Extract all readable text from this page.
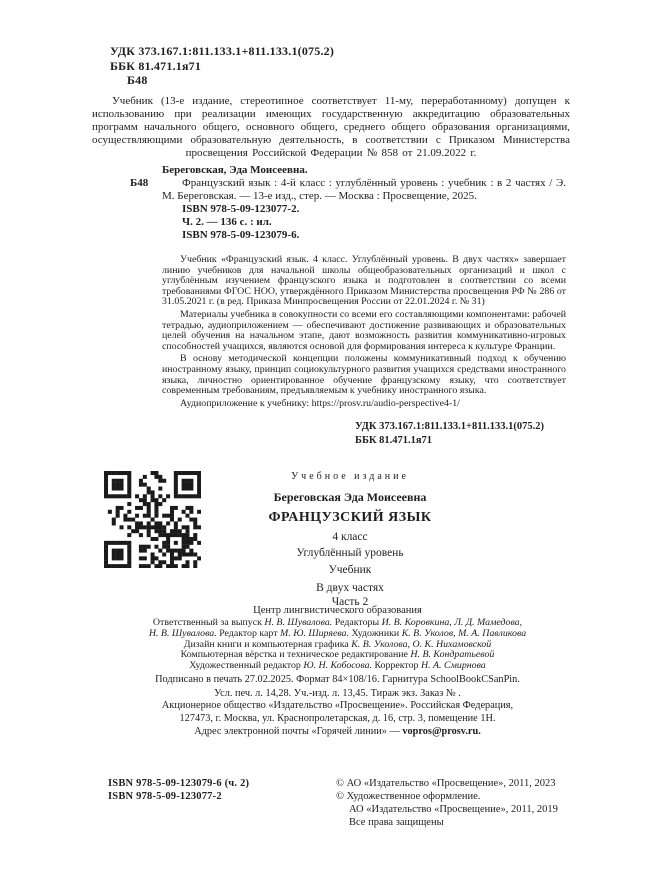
УДК 373.167.1:811.133.1+811.133.1(075.2)
ББК 81.471.1я71
Б48

Учебник (13-е издание, стереотипное соответствует 11-му, переработанному) допущен к использованию при реализации имеющих государственную аккредитацию образовательных программ начального общего, основного общего, среднего общего образования организациями, осуществляющими образовательную деятельность, в соответствии с Приказом Министерства просвещения Российской Федерации № 858 от 21.09.2022 г.

Б48
Береговская, Эда Моисеевна.
Французский язык : 4-й класс : углублённый уровень : учебник : в 2 частях / Э. М. Береговская. — 13-е изд., стер. — Москва : Просвещение, 2025.
ISBN 978-5-09-123077-2.
Ч. 2. — 136 с. : ил.
ISBN 978-5-09-123079-6.

Учебник «Французский язык. 4 класс. Углублённый уровень. В двух частях» завершает линию учебников для начальной школы общеобразовательных организаций и школ с углублённым изучением французского языка и подготовлен в соответствии со всеми требованиями ФГОС НОО, утверждённого Приказом Министерства просвещения РФ № 286 от 31.05.2021 г. (в ред. Приказа Минпросвещения России от 22.01.2024 г. № 31)

Материалы учебника в совокупности со всеми его составляющими компонентами: рабочей тетрадью, аудиоприложением — обеспечивают достижение развивающих и образовательных целей обучения на начальном этапе, дают возможность развития коммуникативно-игровых способностей учащихся, являются основой для формирования интереса к культуре Франции.

В основу методической концепции положены коммуникативный подход к обучению иностранному языку, принцип социокультурного развития учащихся средствами иностранного языка, личностно ориентированное обучение французскому языку, что соответствует современным требованиям, предъявляемым к учебнику иностранного языка.

Аудиоприложение к учебнику: https://prosv.ru/audio-perspective4-1/

УДК 373.167.1:811.133.1+811.133.1(075.2)
ББК 81.471.1я71
Учебное издание
Береговская Эда Моисеевна
ФРАНЦУЗСКИЙ ЯЗЫК
4 класс
Углублённый уровень
Учебник
В двух частях
Часть 2
Центр лингвистического образования
Ответственный за выпуск Н. В. Шувалова. Редакторы И. В. Коровкина, Л. Д. Мамедова,
Н. В. Шувалова. Редактор карт М. Ю. Ширяева. Художники К. В. Уколов, М. А. Павликова
Дизайн книги и компьютерная графика К. В. Уколова, О. К. Нихамовской
Компьютерная вёрстка и техническое редактирование Н. В. Кондратьевой
Художественный редактор Ю. Н. Кобосова. Корректор Н. А. Смирнова
Подписано в печать 27.02.2025. Формат 84×108/16. Гарнитура SchoolBookCSanPin.
Усл. печ. л. 14,28. Уч.-изд. л. 13,45. Тираж экз. Заказ № .
Акционерное общество «Издательство «Просвещение». Российская Федерация,
127473, г. Москва, ул. Краснопролетарская, д. 16, стр. 3, помещение 1Н.
Адрес электронной почты «Горячей линии» — vopros@prosv.ru.
ISBN 978-5-09-123079-6 (ч. 2)
ISBN 978-5-09-123077-2
© АО «Издательство «Просвещение», 2011, 2023
© Художественное оформление.
АО «Издательство «Просвещение», 2011, 2019
Все права защищены
